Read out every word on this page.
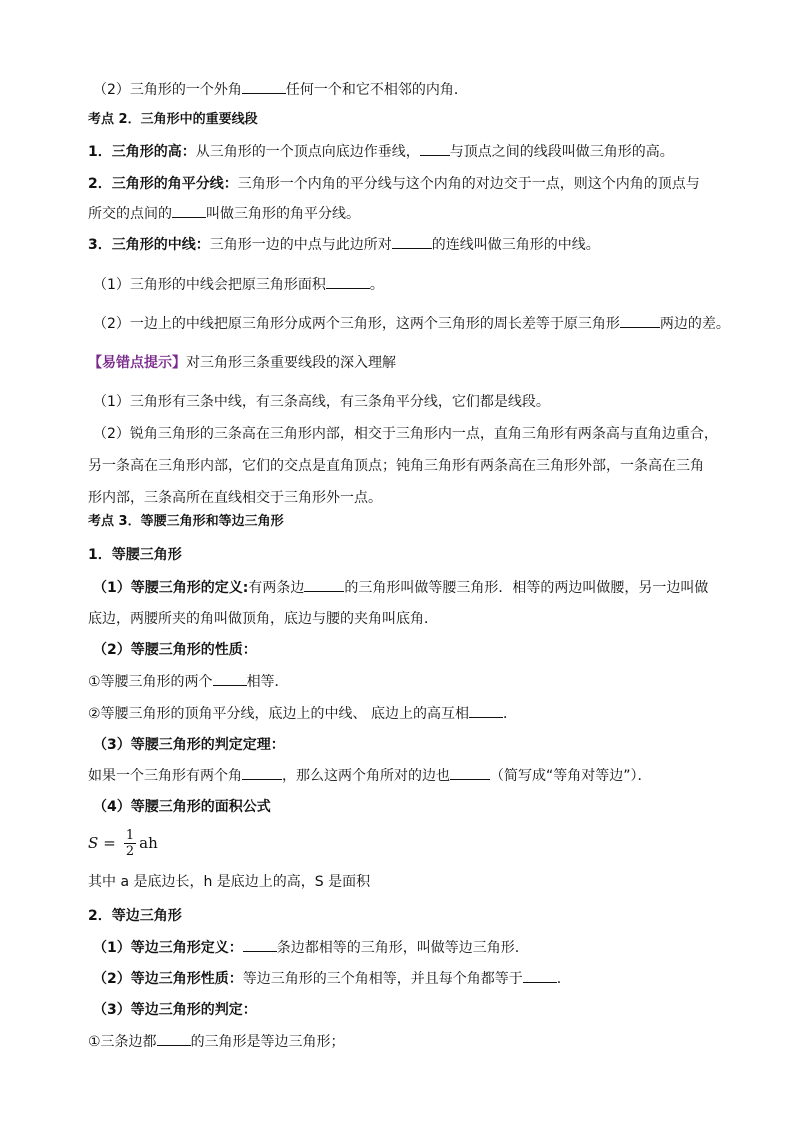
（2）三角形的一个外角	任何一个和它不相邻的内角．
考点 2．三角形中的重要线段
1．三角形的高：从三角形的一个顶点向底边作垂线， 与顶点之间的线段叫做三角形的高。
2．三角形的角平分线：三角形一个内角的平分线与这个内角的对边交于一点，则这个内角的顶点与
所交的点间的 叫做三角形的角平分线。
3．三角形的中线：三角形一边的中点与此边所对	的连线叫做三角形的中线。
（1）三角形的中线会把原三角形面积	。
（2）一边上的中线把原三角形分成两个三角形，这两个三角形的周长差等于原三角形	两边的差。
【易错点提示】对三角形三条重要线段的深入理解
（1）三角形有三条中线，有三条高线，有三条角平分线，它们都是线段。
（2）锐角三角形的三条高在三角形内部，相交于三角形内一点，直角三角形有两条高与直角边重合，
另一条高在三角形内部，它们的交点是直角顶点；钝角三角形有两条高在三角形外部，一条高在三角
形内部，三条高所在直线相交于三角形外一点。
考点 3．等腰三角形和等边三角形
1．等腰三角形
（1）等腰三角形的定义:有两条边	的三角形叫做等腰三角形．相等的两边叫做腰，另一边叫做
底边，两腰所夹的角叫做顶角，底边与腰的夹角叫底角．
（2）等腰三角形的性质：
①等腰三角形的两个 相等．
②等腰三角形的顶角平分线，底边上的中线、 底边上的高互相 ．
（3）等腰三角形的判定定理：
如果一个三角形有两个角	，那么这两个角所对的边也	（简写成“等角对等边”）．
（4）等腰三角形的面积公式
$S = \frac{1}{2}$ ah
其中 a 是底边长，h 是底边上的高，S 是面积
2．等边三角形
（1）等边三角形定义： 条边都相等的三角形，叫做等边三角形.
（2）等边三角形性质：等边三角形的三个角相等，并且每个角都等于 .
（3）等边三角形的判定：
①三条边都 的三角形是等边三角形；
